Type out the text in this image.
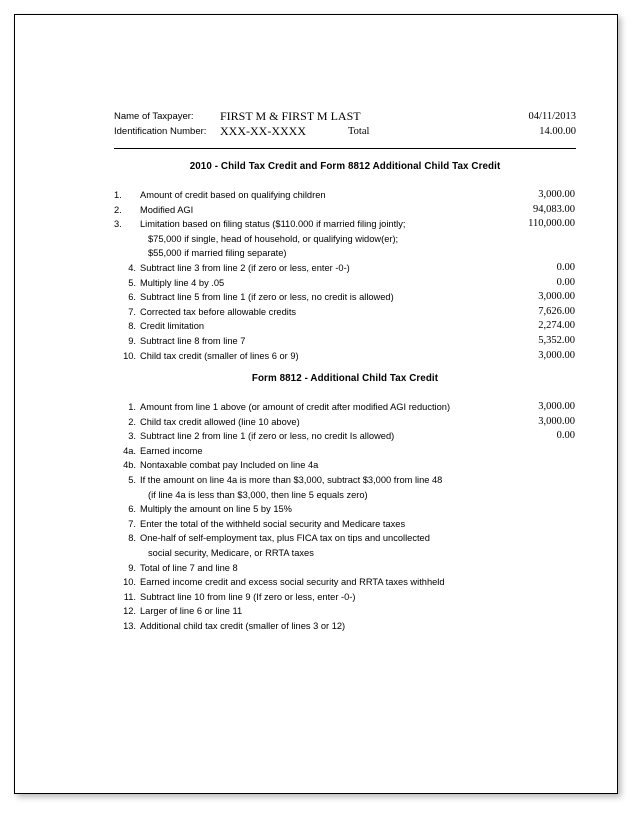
Name of Taxpayer: FIRST M & FIRST M LAST	04/11/2013
Identification Number: XXX-XX-XXXX	Total	14.00.00
2010 - Child Tax Credit and Form 8812 Additional Child Tax Credit
1.	Amount of credit based on qualifying children	3,000.00
2.	Modified AGI	94,083.00
3.	Limitation based on filing status ($110.000 if married filing jointly;	110,000.00
$75,000 if single, head of household, or qualifying widow(er);
$55,000 if married filing separate)
4. Subtract line 3 from line 2 (if zero or less, enter -0-)	0.00
5. Multiply line 4 by .05	0.00
6. Subtract line 5 from line 1 (if zero or less, no credit is allowed)	3,000.00
7. Corrected tax before allowable credits	7,626.00
8. Credit limitation	2,274.00
9. Subtract line 8 from line 7	5,352.00
10. Child tax credit (smaller of lines 6 or 9)	3,000.00
Form 8812 - Additional Child Tax Credit
1. Amount from line 1 above (or amount of credit after modified AGI reduction)	3,000.00
2. Child tax credit allowed (line 10 above)	3,000.00
3. Subtract line 2 from line 1 (if zero or less, no credit Is allowed)	0.00
4a. Earned income
4b. Nontaxable combat pay Included on line 4a
5. If the amount on line 4a is more than $3,000, subtract $3,000 from line 48
(if line 4a is less than $3,000, then line 5 equals zero)
6. Multiply the amount on line 5 by 15%
7. Enter the total of the withheld social security and Medicare taxes
8. One-half of self-employment tax, plus FICA tax on tips and uncollected
social security, Medicare, or RRTA taxes
9. Total of line 7 and line 8
10. Earned income credit and excess social security and RRTA taxes withheld
11. Subtract line 10 from line 9 (If zero or less, enter -0-)
12. Larger of line 6 or line 11
13. Additional child tax credit (smaller of lines 3 or 12)
